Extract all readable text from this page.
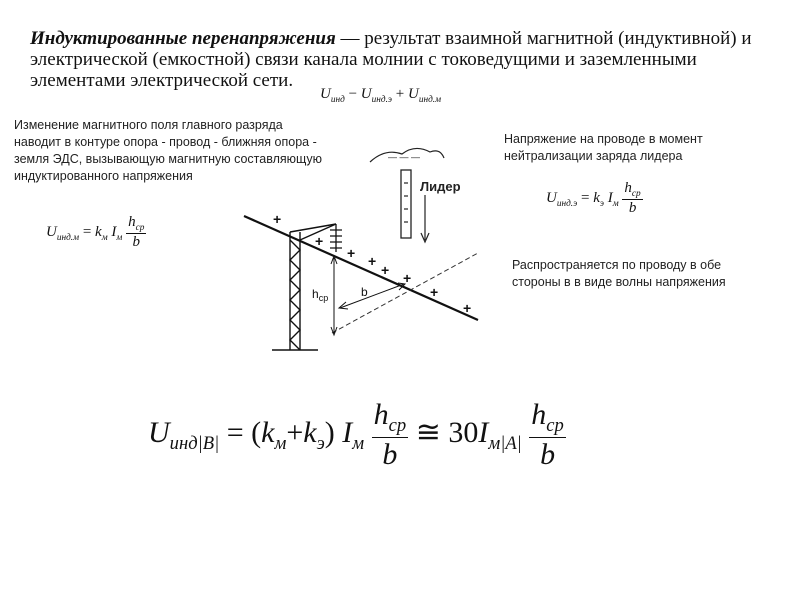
Индуктированные перенапряжения — результат взаимной магнитной (индуктивной) и электрической (емкостной) связи канала молнии с токоведущими и заземленными элементами электрической сети.
$U_{инд} - U_{инд.э} + U_{инд.м}$
Изменение магнитного поля главного разряда наводит в контуре опора - провод - ближняя опора - земля ЭДС, вызывающую магнитную составляющую индуктированного напряжения
$U_{инд.м} = k_м$ $I_м \frac{h_{ср}}{b}$
Напряжение на проводе в момент нейтрализации заряда лидера
Распространяется по проводу в обе стороны в в виде волны напряжения
$U_{инд.э} = k_э$ $I_м \frac{h_{ср}}{b}$
— — —
Лидер
$h_{ср}$	b
+
+
+ +
+ +
+
+
$U_{инд|B|} = (k_м+k_э)$ $I_м \frac{h_{ср}}{b}$ ≅ $30I_{м|A|} \frac{h_{ср}}{b}$
